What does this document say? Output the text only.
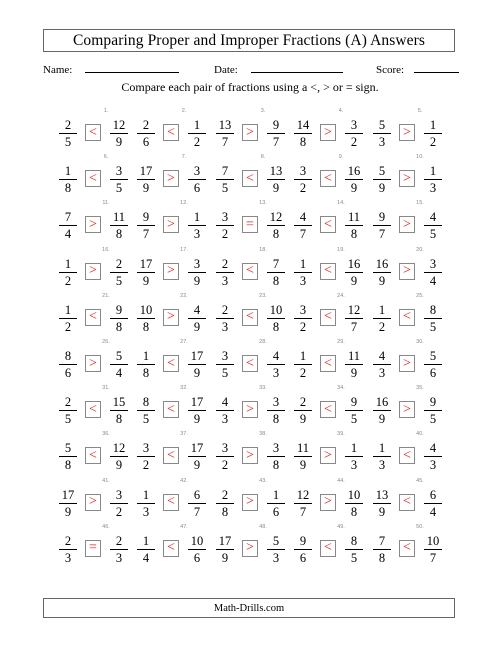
Comparing Proper and Improper Fractions (A) Answers
Name:	Date:	Score:
Compare each pair of fractions using a <, > or = sign.
1.
2
5
<	12
9
2.
2
6
<	1
2
3.
13
7
>	9
7
4.
14
8
>	3
2
5.
5
3
>	1
2
6.
1
8
<	3
5
7.
17
9
>	3
6
8.
7
5
<	13
9
9.
3
2
<	16
9
10.
5
9
>	1
3
11.
7
4
>	11
8
12.
9
7
>	1
3
13.
3
2
=	12
8
14.
4
7
<	11
8
15.
9
7
>	4
5
16.
1
2
>	2
5
17.
17
9
>	3
9
18.
2
3
<	7
8
19.
1
3
<	16
9
20.
16
9
>	3
4
21.
1
2
<	9
8
22.
10
8
>	4
9
23.
2
3
<	10
8
24.
3
2
<	12
7
25.
1
2
<	8
5
26.
8
6
>	5
4
27.
1
8
<	17
9
28.
3
5
<	4
3
29.
1
2
<	11
9
30.
4
3
>	5
6
31.
2
5
<	15
8
32.
8
5
<	17
9
33.
4
3
>	3
8
34.
2
9
<	9
5
35.
16
9
>	9
5
36.
5
8
<	12
9
37.
3
2
<	17
9
38.
3
2
>	3
8
39.
11
9
>	1
3
40.
1
3
<	4
3
41.
17
9
>	3
2
42.
1
3
<	6
7
43.
2
8
>	1
6
44.
12
7
>	10
8
45.
13
9
<	6
4
46.
2
3
=	2
3
47.
1
4
<	10
6
48.
17
9
>	5
3
49.
9
6
<	8
5
50.
7
8
<	10
7
Math-Drills.com
